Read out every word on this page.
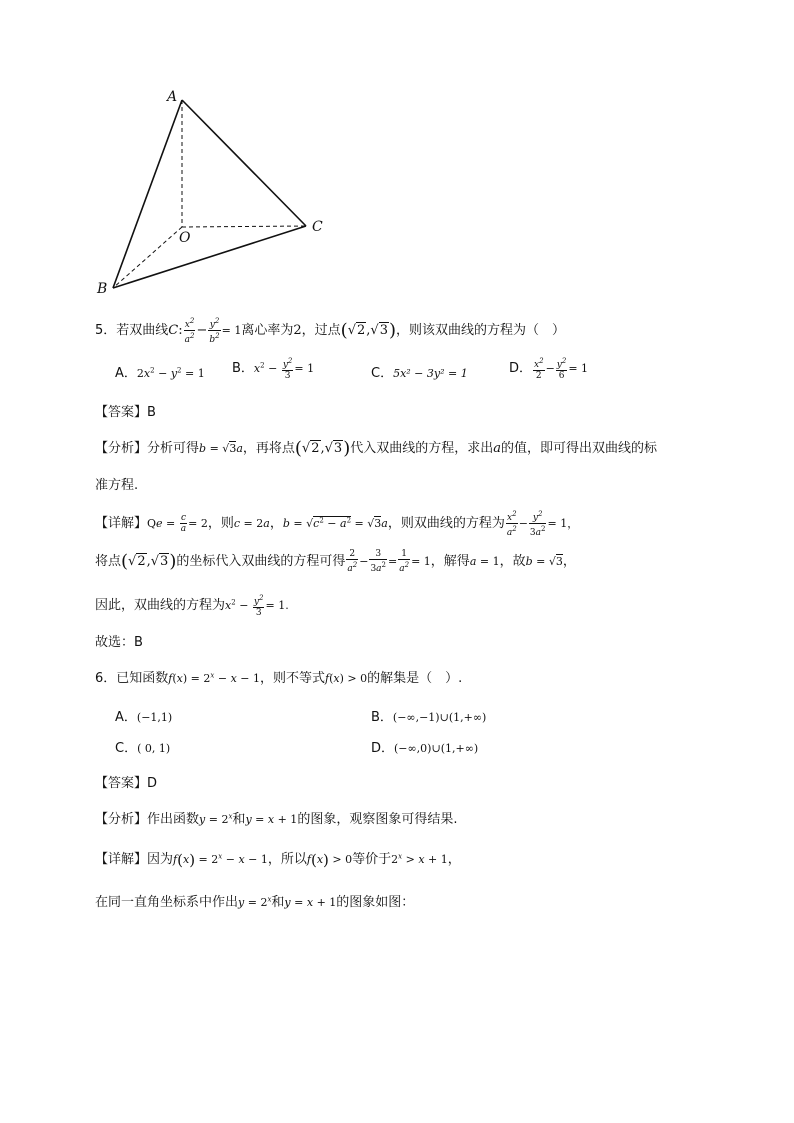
A
O
C
B
5．若双曲线C: $\frac{x^2}{a^2} - \frac{y^2}{b^2} = 1$离心率为2，过点(√2,√3)，则该双曲线的方程为（　）
A．$2x^2 - y^2 = 1$ B．$x^2 - \frac{y^2}{3} = 1$	C．5x² − 3y² = 1	D． $\frac{x^2}{2} - \frac{y^2}{6} = 1$
【答案】B
【分析】分析可得b = √3a，再将点(√2,√3)代入双曲线的方程，求出a的值，即可得出双曲线的标
准方程.
【详解】$Qe = \frac{c}{a} = 2$，则c = 2a，$b = √c^2 - a^2 = √3a$，则双曲线的方程为 $\frac{x^2}{a^2} - \frac{y^2}{3a^2} = 1$，
将点(√2,√3)的坐标代入双曲线的方程可得 $\frac{2}{a^2} - \frac{3}{3a^2} = \frac{1}{a^2} = 1$，解得a = 1，故b = √3，
因此，双曲线的方程为$x^2 - \frac{y^2}{3} = 1$.
故选：B
6．已知函数$f(x) = 2^x - x - 1$，则不等式f(x) > 0的解集是（　）.
A．(−1,1)	B．(−∞,−1)∪(1,+∞)
C．( 0, 1)	D．(−∞,0)∪(1,+∞)
【答案】D
【分析】作出函数$y = 2^x$和y = x + 1的图象，观察图象可得结果.
【详解】因为$f(x) = 2^x - x - 1$，所以f(x) > 0等价于$2^x > x + 1$，
在同一直角坐标系中作出$y = 2^x$和y = x + 1的图象如图：
